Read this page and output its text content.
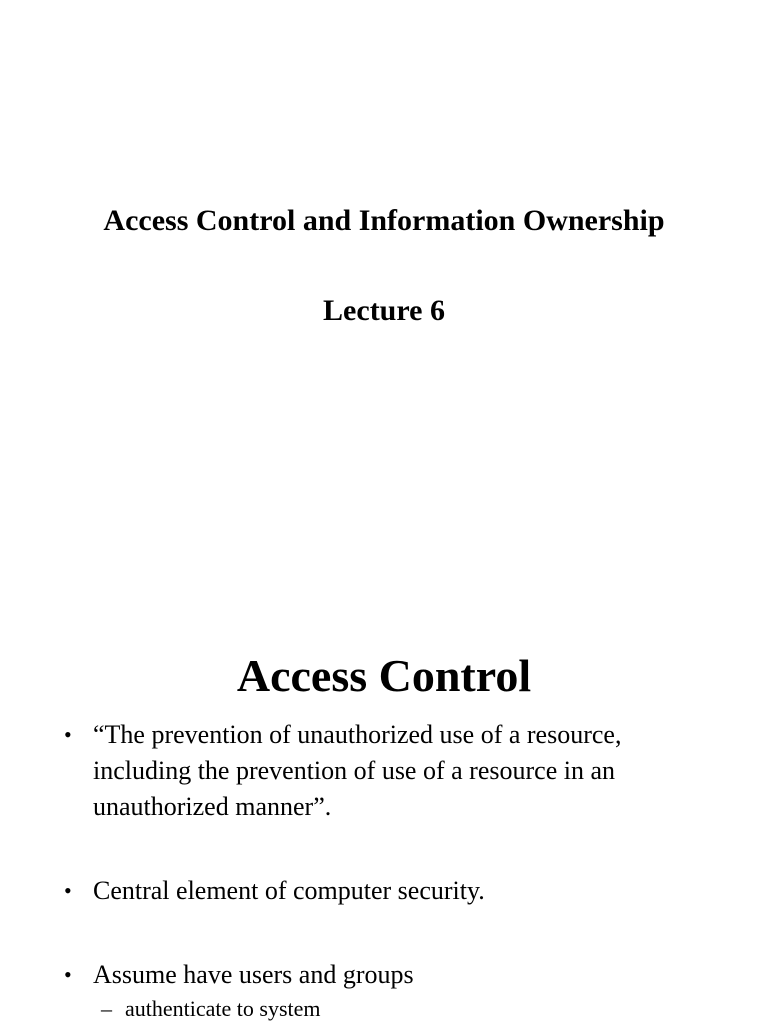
Access Control and Information Ownership
Lecture 6
Access Control
• “The prevention of unauthorized use of a resource, including the prevention of use of a resource in an unauthorized manner”.
• Central element of computer security.
• Assume have users and groups
– authenticate to system
